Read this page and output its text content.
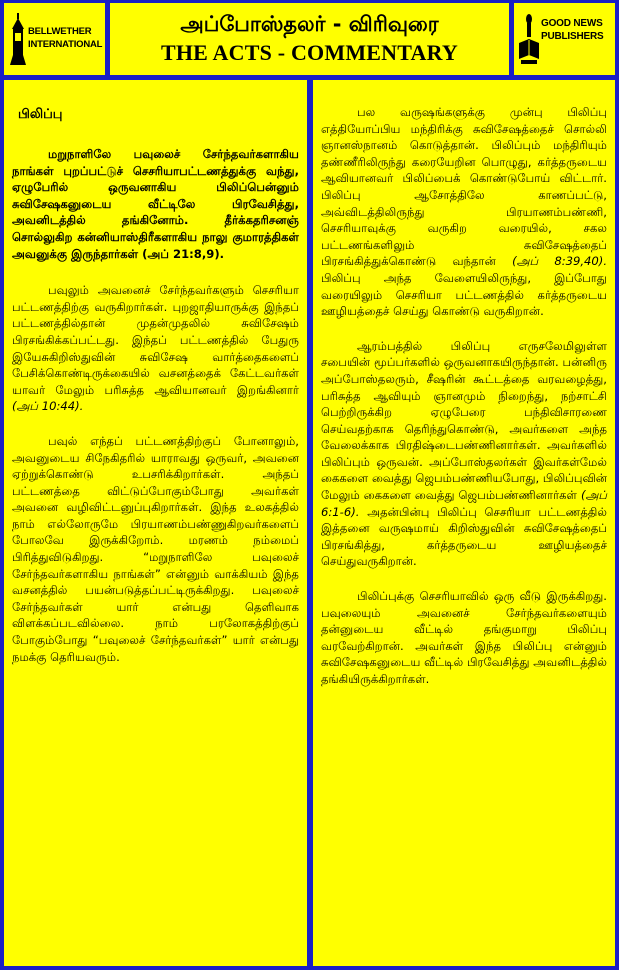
BELLWETHER
INTERNATIONAL
அப்போஸ்தலர் - விரிவுரை
THE ACTS - COMMENTARY
GOOD NEWS
PUBLISHERS
பிலிப்பு

மறுநாளிலே பவுலைச் சேர்ந்தவர்களாகிய நாங்கள் புறப்பட்டுச் செசரியாபட்டணத்துக்கு வந்து, ஏழுபேரில் ஒருவனாகிய பிலிப்பென்னும் சுவிசேஷகனுடைய வீட்டிலே பிரவேசித்து, அவனிடத்தில் தங்கினோம். தீர்க்கதரிசனஞ் சொல்லுகிற கன்னியாஸ்திரீகளாகிய நாலு குமாரத்திகள் அவனுக்கு இருந்தார்கள் (அப் 21:8,9).

பவுலும் அவனைச் சேர்ந்தவர்களும் செசரியா பட்டணத்திற்கு வருகிறார்கள். புறஜாதியாருக்கு இந்தப் பட்டணத்தில்தான் முதன்முதலில் சுவிசேஷம் பிரசங்கிக்கப்பட்டது. இந்தப் பட்டணத்தில் பேதுரு இயேசுகிறிஸ்துவின் சுவிசேஷ வார்த்தைகளைப் பேசிக்கொண்டிருக்கையில் வசனத்தைக் கேட்டவர்கள் யாவர் மேலும் பரிசுத்த ஆவியானவர் இறங்கினார் (அப் 10:44).

பவுல் எந்தப் பட்டணத்திற்குப் போனாலும், அவனுடைய சிநேகிதரில் யாராவது ஒருவர், அவனை ஏற்றுக்கொண்டு உபசரிக்கிறார்கள். அந்தப் பட்டணத்தை விட்டுப்போகும்போது அவர்கள் அவனை வழிவிட்டனுப்புகிறார்கள். இந்த உலகத்தில் நாம் எல்லோருமே பிரயாணம்பண்ணுகிறவர்களைப் போலவே இருக்கிறோம். மரணம் நம்மைப் பிரித்துவிடுகிறது. “மறுநாளிலே பவுலைச் சேர்ந்தவர்களாகிய நாங்கள்” என்னும் வாக்கியம் இந்த வசனத்தில் பயன்படுத்தப்பட்டிருக்கிறது. பவுலைச் சேர்ந்தவர்கள் யார் என்பது தெளிவாக விளக்கப்படவில்லை. நாம் பரலோகத்திற்குப் போகும்போது “பவுலைச் சேர்ந்தவர்கள்” யார் என்பது நமக்கு தெரியவரும்.

பல வருஷங்களுக்கு முன்பு பிலிப்பு எத்தியோப்பிய மந்திரிக்கு சுவிசேஷத்தைச் சொல்லி ஞானஸ்நானம் கொடுத்தான். பிலிப்பும் மந்திரியும் தண்ணீரிலிருந்து கரையேறின பொழுது, கர்த்தருடைய ஆவியானவர் பிலிப்பைக் கொண்டுபோய் விட்டார். பிலிப்பு ஆசோத்திலே காணப்பட்டு, அவ்விடத்திலிருந்து பிரயாணம்பண்ணி, செசரியாவுக்கு வருகிற வரையில், சகல பட்டணங்களிலும் சுவிசேஷத்தைப் பிரசங்கித்துக்கொண்டு வந்தான் (அப் 8:39,40). பிலிப்பு அந்த வேளையிலிருந்து, இப்போது வரையிலும் செசரியா பட்டணத்தில் கர்த்தருடைய ஊழியத்தைச் செய்து கொண்டு வருகிறான்.

ஆரம்பத்தில் பிலிப்பு எருசலேமிலுள்ள சபையின் மூப்பர்களில் ஒருவனாகயிருந்தான். பன்னிரு அப்போஸ்தலரும், சீஷரின் கூட்டத்தை வரவழைத்து, பரிசுத்த ஆவியும் ஞானமும் நிறைந்து, நற்சாட்சி பெற்றிருக்கிற ஏழுபேரை பந்திவிசாரணை செய்வதற்காக தெரிந்துகொண்டு, அவர்களை அந்த வேலைக்காக பிரதிஷ்டைபண்ணினார்கள். அவர்களில் பிலிப்பும் ஒருவன். அப்போஸ்தலர்கள் இவர்கள்மேல் கைகளை வைத்து ஜெபம்பண்ணியபோது, பிலிப்புவின் மேலும் கைகளை வைத்து ஜெபம்பண்ணினார்கள் (அப் 6:1-6). அதன்பின்பு பிலிப்பு செசரியா பட்டணத்தில் இத்தனை வருஷமாய் கிறிஸ்துவின் சுவிசேஷத்தைப் பிரசங்கித்து, கர்த்தருடைய ஊழியத்தைச் செய்துவருகிறான்.

பிலிப்புக்கு செசரியாவில் ஒரு வீடு இருக்கிறது. பவுலையும் அவனைச் சேர்ந்தவர்களையும் தன்னுடைய வீட்டில் தங்குமாறு பிலிப்பு வரவேற்கிறான். அவர்கள் இந்த பிலிப்பு என்னும் சுவிசேஷகனுடைய வீட்டில் பிரவேசித்து அவனிடத்தில் தங்கியிருக்கிறார்கள்.
